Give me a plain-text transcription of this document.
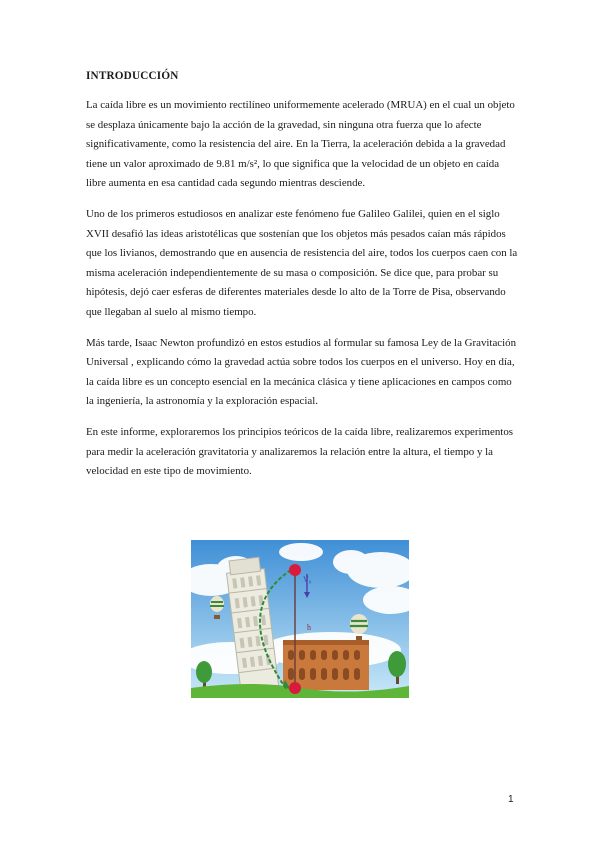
INTRODUCCIÓN

La caída libre es un movimiento rectilíneo uniformemente acelerado (MRUA) en el cual un objeto se desplaza únicamente bajo la acción de la gravedad, sin ninguna otra fuerza que lo afecte significativamente, como la resistencia del aire. En la Tierra, la aceleración debida a la gravedad tiene un valor aproximado de 9.81 m/s², lo que significa que la velocidad de un objeto en caída libre aumenta en esa cantidad cada segundo mientras desciende.

Uno de los primeros estudiosos en analizar este fenómeno fue Galileo Galilei, quien en el siglo XVII desafió las ideas aristotélicas que sostenían que los objetos más pesados caían más rápidos que los livianos, demostrando que en ausencia de resistencia del aire, todos los cuerpos caen con la misma aceleración independientemente de su masa o composición. Se dice que, para probar su hipótesis, dejó caer esferas de diferentes materiales desde lo alto de la Torre de Pisa, observando que llegaban al suelo al mismo tiempo.

Más tarde, Isaac Newton profundizó en estos estudios al formular su famosa Ley de la Gravitación Universal , explicando cómo la gravedad actúa sobre todos los cuerpos en el universo. Hoy en día, la caída libre es un concepto esencial en la mecánica clásica y tiene aplicaciones en campos como la ingeniería, la astronomía y la exploración espacial.

En este informe, exploraremos los principios teóricos de la caída libre, realizaremos experimentos para medir la aceleración gravitatoria y analizaremos la relación entre la altura, el tiempo y la velocidad en este tipo de movimiento.

V₀
h
1
